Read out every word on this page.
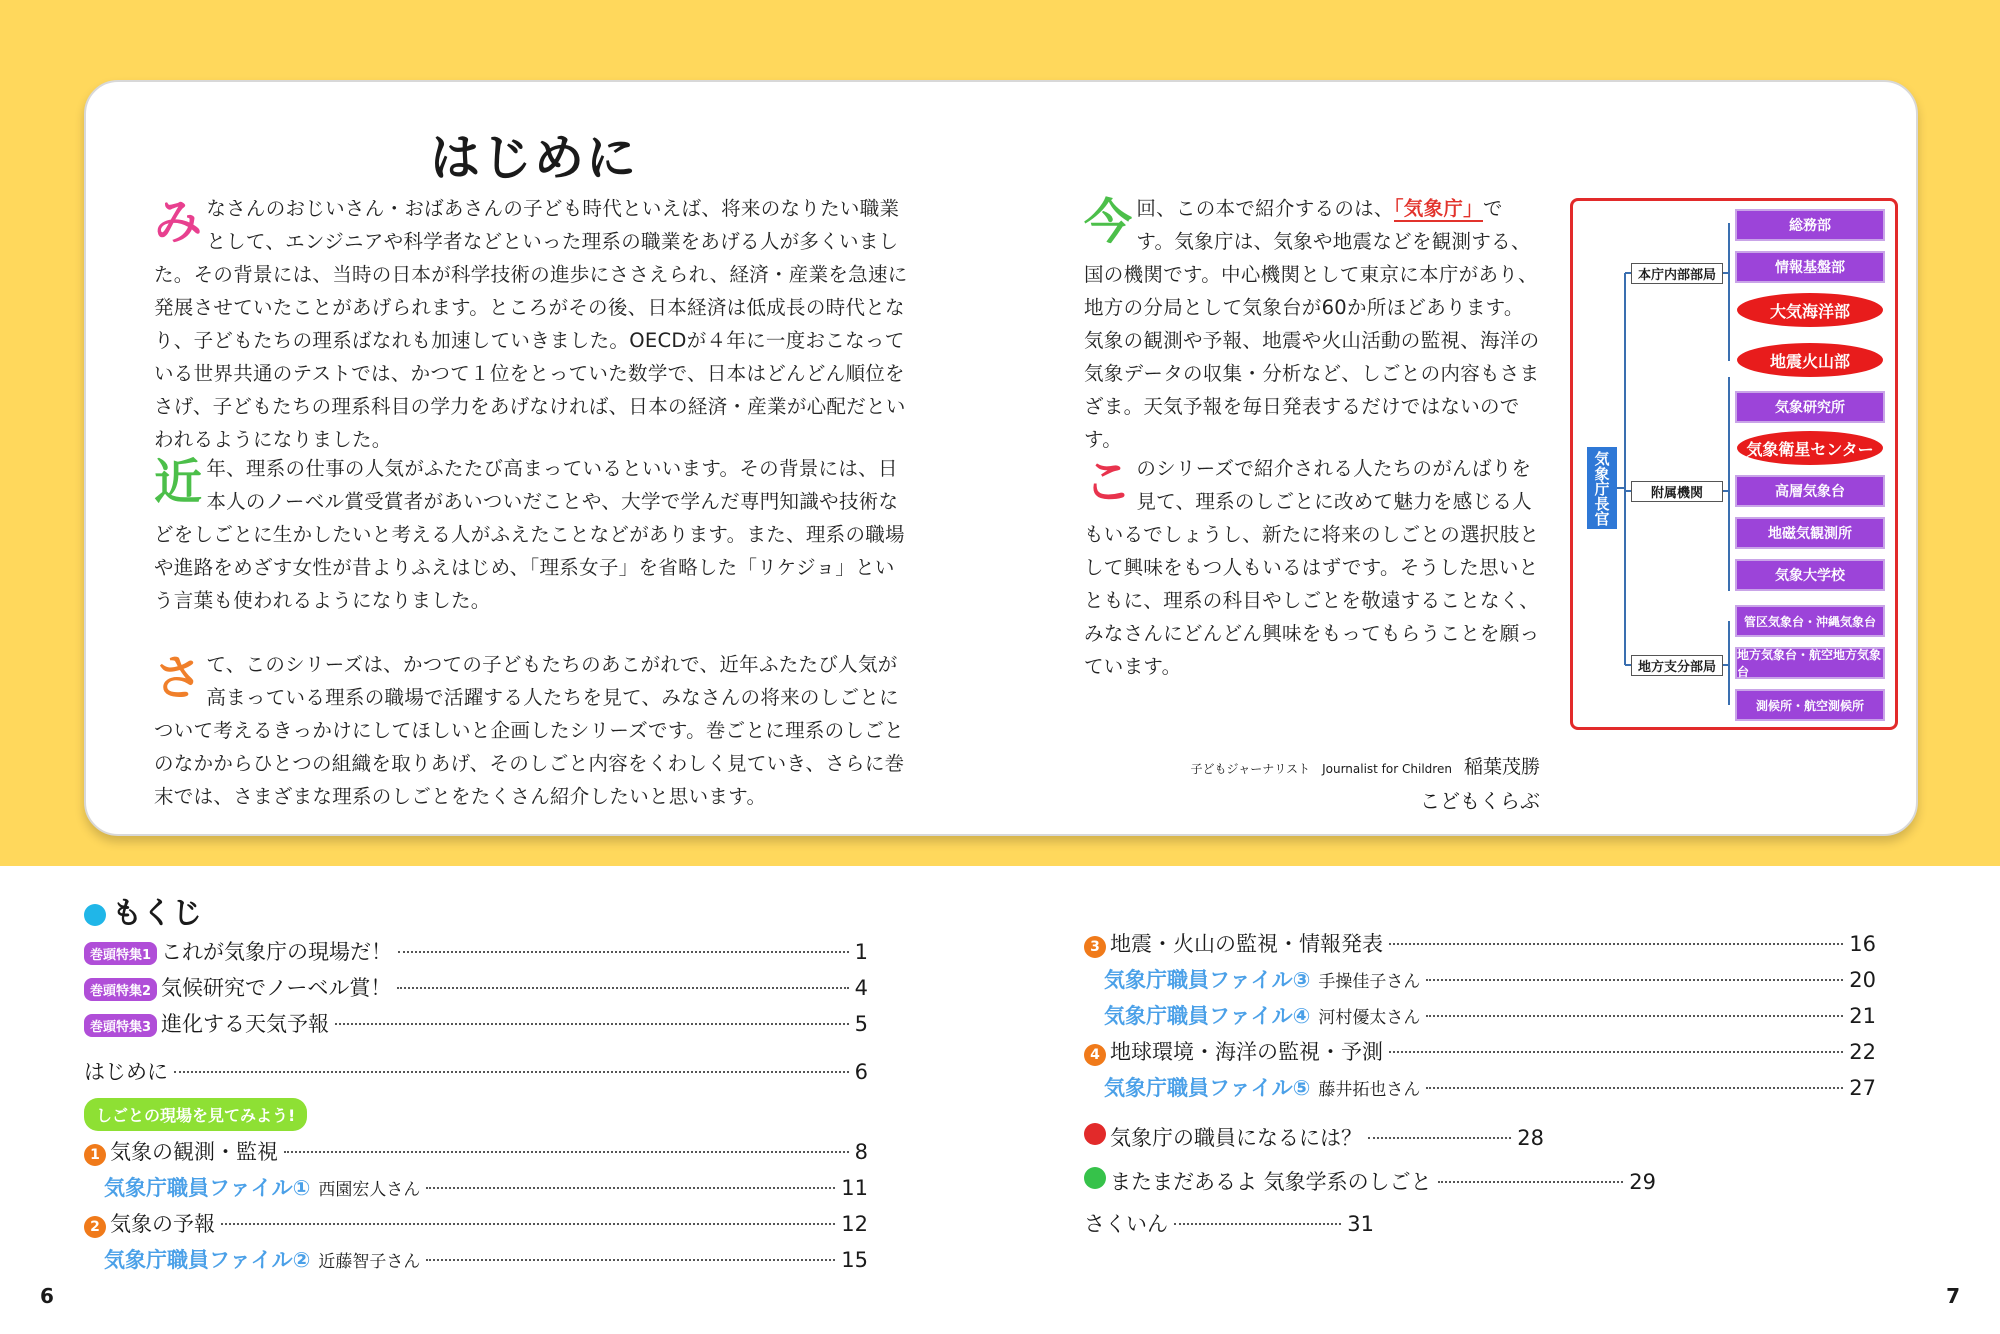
はじめに
みなさんのおじいさん・おばあさんの子ども時代といえば、将来のなりたい職業として、エンジニアや科学者などといった理系の職業をあげる人が多くいました。その背景には、当時の日本が科学技術の進歩にささえられ、経済・産業を急速に発展させていたことがあげられます。ところがその後、日本経済は低成長の時代となり、子どもたちの理系ばなれも加速していきました。OECDが４年に一度おこなっている世界共通のテストでは、かつて１位をとっていた数学で、日本はどんどん順位をさげ、子どもたちの理系科目の学力をあげなければ、日本の経済・産業が心配だといわれるようになりました。
近年、理系の仕事の人気がふたたび高まっているといいます。その背景には、日本人のノーベル賞受賞者があいついだことや、大学で学んだ専門知識や技術などをしごとに生かしたいと考える人がふえたことなどがあります。また、理系の職場や進路をめざす女性が昔よりふえはじめ、「理系女子」を省略した「リケジョ」という言葉も使われるようになりました。
さて、このシリーズは、かつての子どもたちのあこがれで、近年ふたたび人気が高まっている理系の職場で活躍する人たちを見て、みなさんの将来のしごとについて考えるきっかけにしてほしいと企画したシリーズです。巻ごとに理系のしごとのなかからひとつの組織を取りあげ、そのしごと内容をくわしく見ていき、さらに巻末では、さまざまな理系のしごとをたくさん紹介したいと思います。
今回、この本で紹介するのは、「気象庁」です。気象庁は、気象や地震などを観測する、国の機関です。中心機関として東京に本庁があり、地方の分局として気象台が60か所ほどあります。気象の観測や予報、地震や火山活動の監視、海洋の気象データの収集・分析など、しごとの内容もさまざま。天気予報を毎日発表するだけではないのです。
このシリーズで紹介される人たちのがんばりを見て、理系のしごとに改めて魅力を感じる人もいるでしょうし、新たに将来のしごとの選択肢として興味をもつ人もいるはずです。そうした思いとともに、理系の科目やしごとを敬遠することなく、みなさんにどんどん興味をもってもらうことを願っています。
子どもジャーナリスト Journalist for Children 稲葉茂勝
こどもくらぶ
気象庁長官
本庁内部部局
附属機関
地方支分部局
総務部
情報基盤部
大気海洋部
地震火山部
気象研究所
気象衛星センター
高層気象台
地磁気観測所
気象大学校
管区気象台・沖縄気象台
地方気象台・航空地方気象台
測候所・航空測候所
もくじ
巻頭特集1 これが気象庁の現場だ！	1
巻頭特集2 気候研究でノーベル賞！	4
巻頭特集3 進化する天気予報	5
はじめに	6
しごとの現場を見てみよう!
1 気象の観測・監視	8
気象庁職員ファイル① 西園宏人さん	11
2 気象の予報	12
気象庁職員ファイル② 近藤智子さん	15
3 地震・火山の監視・情報発表	16
気象庁職員ファイル③ 手操佳子さん	20
気象庁職員ファイル④ 河村優太さん	21
4 地球環境・海洋の監視・予測	22
気象庁職員ファイル⑤ 藤井拓也さん	27
気象庁の職員になるには？	28
またまだあるよ 気象学系のしごと	29
さくいん	31
6	7
